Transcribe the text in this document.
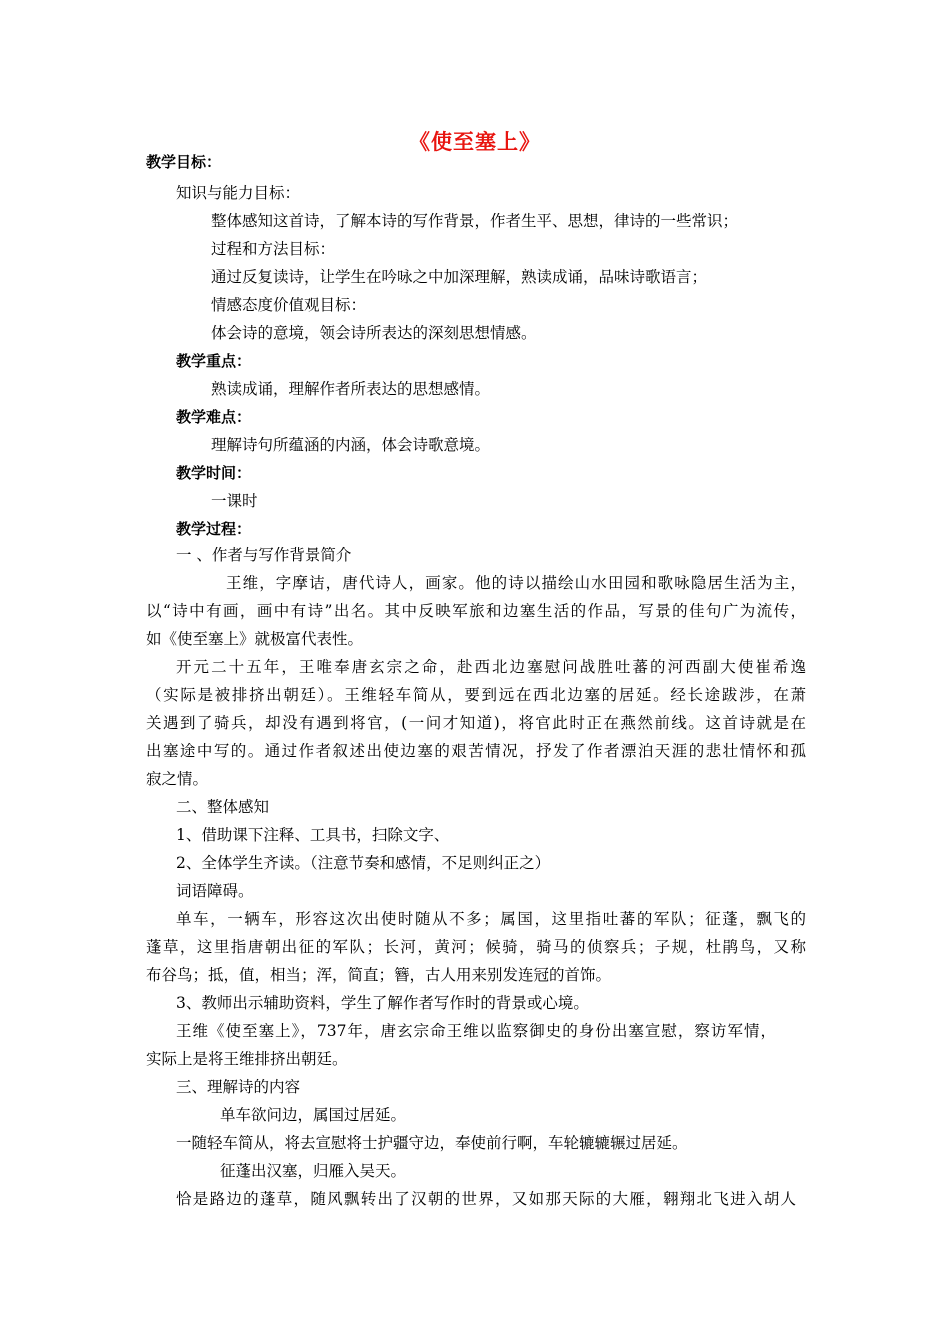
《使至塞上》
教学目标：
知识与能力目标：
整体感知这首诗，了解本诗的写作背景，作者生平、思想，律诗的一些常识；
过程和方法目标：
通过反复读诗，让学生在吟咏之中加深理解，熟读成诵，品味诗歌语言；
情感态度价值观目标：
体会诗的意境，领会诗所表达的深刻思想情感。
教学重点：
熟读成诵，理解作者所表达的思想感情。
教学难点：
理解诗句所蕴涵的内涵，体会诗歌意境。
教学时间：
一课时
教学过程：
一 、作者与写作背景简介
王维，字摩诘，唐代诗人，画家。他的诗以描绘山水田园和歌咏隐居生活为主，
以“诗中有画，画中有诗”出名。其中反映军旅和边塞生活的作品，写景的佳句广为流传，
如《使至塞上》就极富代表性。
开元二十五年，王唯奉唐玄宗之命，赴西北边塞慰问战胜吐蕃的河西副大使崔希逸
（实际是被排挤出朝廷）。王维轻车简从，要到远在西北边塞的居延。经长途跋涉，在萧
关遇到了骑兵，却没有遇到将官，(一问才知道)，将官此时正在燕然前线。这首诗就是在
出塞途中写的。通过作者叙述出使边塞的艰苦情况，抒发了作者漂泊天涯的悲壮情怀和孤
寂之情。
二、整体感知
1、借助课下注释、工具书，扫除文字、
2、全体学生齐读。（注意节奏和感情，不足则纠正之）
词语障碍。
单车，一辆车，形容这次出使时随从不多；属国，这里指吐蕃的军队；征蓬，飘飞的
蓬草，这里指唐朝出征的军队；长河，黄河；候骑，骑马的侦察兵；子规，杜鹃鸟，又称
布谷鸟；抵，值，相当；浑，简直；簪，古人用来别发连冠的首饰。
3、教师出示辅助资料，学生了解作者写作时的背景或心境。
王维《使至塞上》，737年，唐玄宗命王维以监察御史的身份出塞宣慰，察访军情，
实际上是将王维排挤出朝廷。
三、理解诗的内容
单车欲问边，属国过居延。
一随轻车简从，将去宣慰将士护疆守边，奉使前行啊，车轮辘辘辗过居延。
征蓬出汉塞，归雁入吴天。
恰是路边的蓬草，随风飘转出了汉朝的世界，又如那天际的大雁，翱翔北飞进入胡人
